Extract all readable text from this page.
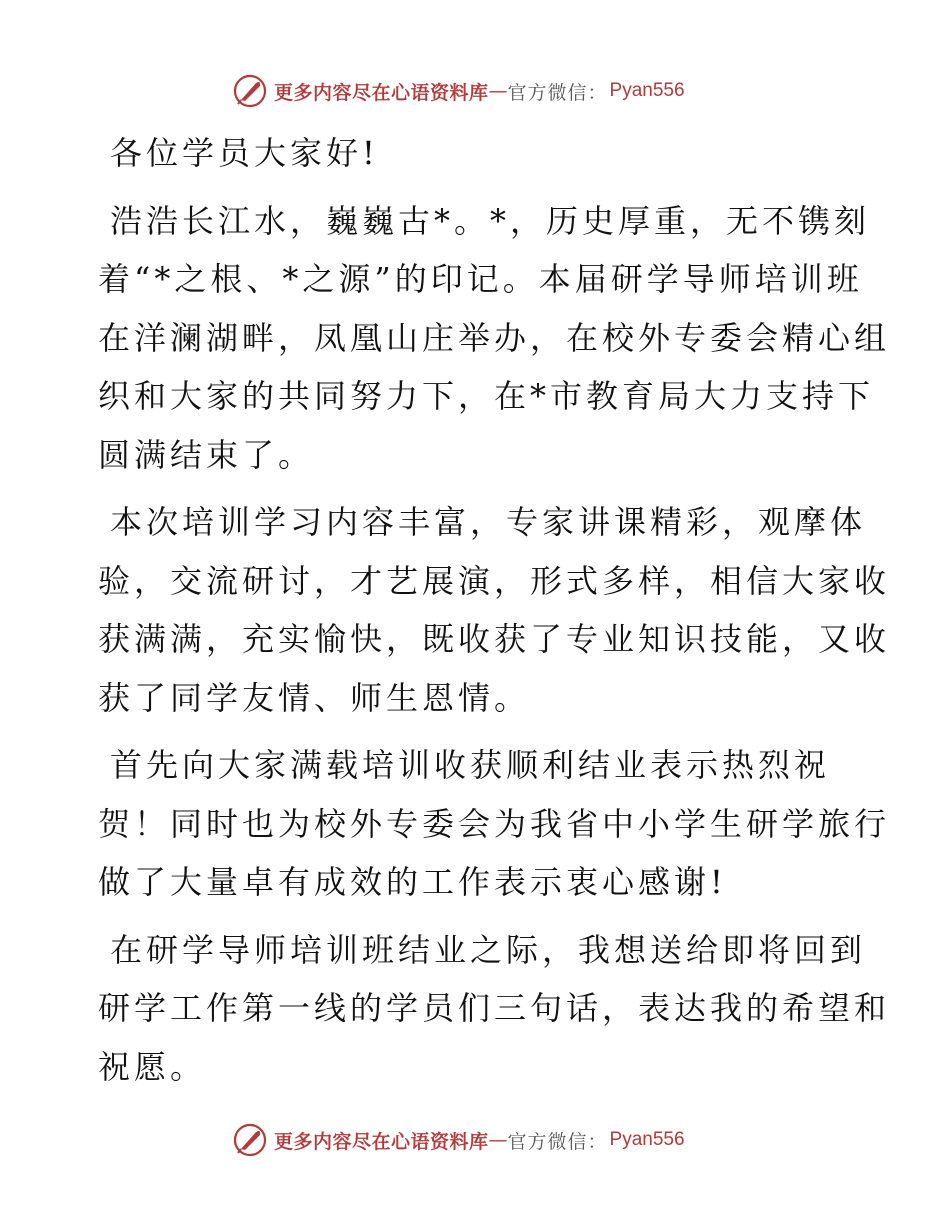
更多内容尽在心语资料库 — 官方微信： Pyan556

各位学员大家好!

浩浩长江水，巍巍古*。*，历史厚重，无不镌刻
着“*之根、*之源”的印记。本届研学导师培训班
在洋澜湖畔，凤凰山庄举办，在校外专委会精心组
织和大家的共同努力下，在*市教育局大力支持下
圆满结束了。

本次培训学习内容丰富，专家讲课精彩，观摩体
验，交流研讨，才艺展演，形式多样，相信大家收
获满满，充实愉快，既收获了专业知识技能，又收
获了同学友情、师生恩情。

首先向大家满载培训收获顺利结业表示热烈祝
贺！同时也为校外专委会为我省中小学生研学旅行
做了大量卓有成效的工作表示衷心感谢!

在研学导师培训班结业之际，我想送给即将回到
研学工作第一线的学员们三句话，表达我的希望和
祝愿。

更多内容尽在心语资料库 — 官方微信： Pyan556
